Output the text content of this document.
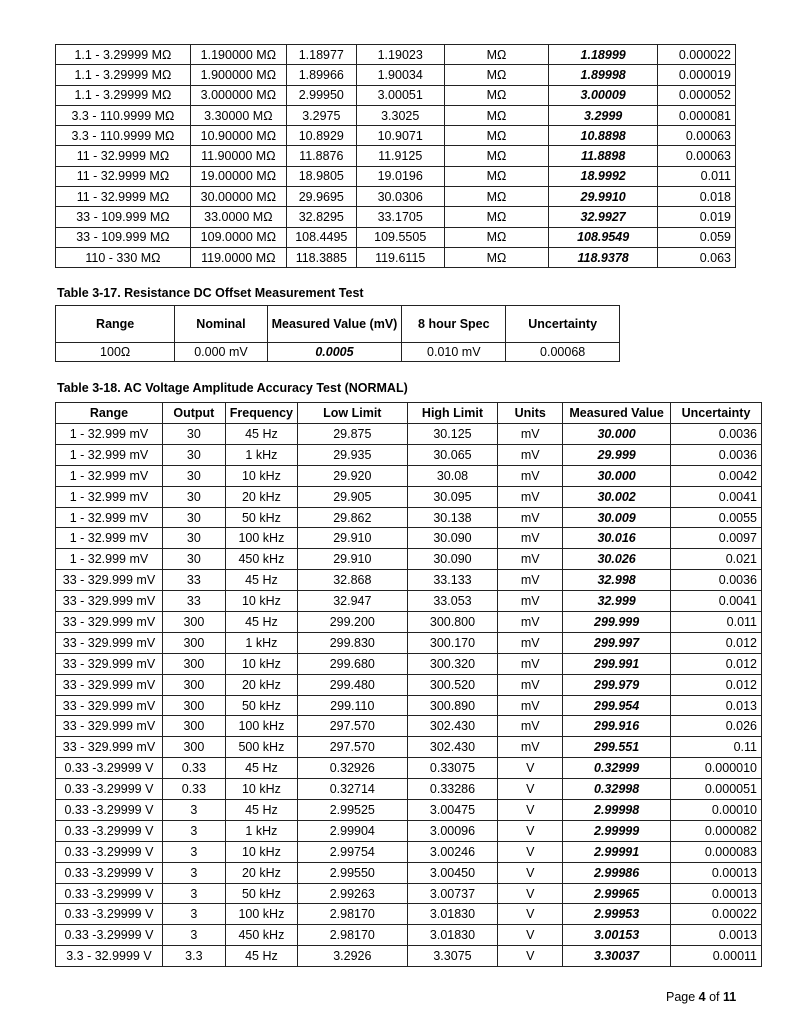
1.1 - 3.29999 MΩ	1.190000 MΩ	1.18977	1.19023	MΩ	1.18999	0.000022
1.1 - 3.29999 MΩ	1.900000 MΩ	1.89966	1.90034	MΩ	1.89998	0.000019
1.1 - 3.29999 MΩ	3.000000 MΩ	2.99950	3.00051	MΩ	3.00009	0.000052
3.3 - 110.9999 MΩ	3.30000 MΩ	3.2975	3.3025	MΩ	3.2999	0.000081
3.3 - 110.9999 MΩ	10.90000 MΩ	10.8929	10.9071	MΩ	10.8898	0.00063
11 - 32.9999 MΩ	11.90000 MΩ	11.8876	11.9125	MΩ	11.8898	0.00063
11 - 32.9999 MΩ	19.00000 MΩ	18.9805	19.0196	MΩ	18.9992	0.011
11 - 32.9999 MΩ	30.00000 MΩ	29.9695	30.0306	MΩ	29.9910	0.018
33 - 109.999 MΩ	33.0000 MΩ	32.8295	33.1705	MΩ	32.9927	0.019
33 - 109.999 MΩ	109.0000 MΩ	108.4495	109.5505	MΩ	108.9549	0.059
110 - 330 MΩ	119.0000 MΩ	118.3885	119.6115	MΩ	118.9378	0.063
Table 3-17. Resistance DC Offset Measurement Test
Range	Nominal	Measured Value (mV)	8 hour Spec	Uncertainty
100Ω	0.000 mV	0.0005	0.010 mV	0.00068
Table 3-18. AC Voltage Amplitude Accuracy Test (NORMAL)
Range	Output	Frequency	Low Limit	High Limit	Units	Measured Value	Uncertainty
1 - 32.999 mV	30	45 Hz	29.875	30.125	mV	30.000	0.0036
1 - 32.999 mV	30	1 kHz	29.935	30.065	mV	29.999	0.0036
1 - 32.999 mV	30	10 kHz	29.920	30.08	mV	30.000	0.0042
1 - 32.999 mV	30	20 kHz	29.905	30.095	mV	30.002	0.0041
1 - 32.999 mV	30	50 kHz	29.862	30.138	mV	30.009	0.0055
1 - 32.999 mV	30	100 kHz	29.910	30.090	mV	30.016	0.0097
1 - 32.999 mV	30	450 kHz	29.910	30.090	mV	30.026	0.021
33 - 329.999 mV	33	45 Hz	32.868	33.133	mV	32.998	0.0036
33 - 329.999 mV	33	10 kHz	32.947	33.053	mV	32.999	0.0041
33 - 329.999 mV	300	45 Hz	299.200	300.800	mV	299.999	0.011
33 - 329.999 mV	300	1 kHz	299.830	300.170	mV	299.997	0.012
33 - 329.999 mV	300	10 kHz	299.680	300.320	mV	299.991	0.012
33 - 329.999 mV	300	20 kHz	299.480	300.520	mV	299.979	0.012
33 - 329.999 mV	300	50 kHz	299.110	300.890	mV	299.954	0.013
33 - 329.999 mV	300	100 kHz	297.570	302.430	mV	299.916	0.026
33 - 329.999 mV	300	500 kHz	297.570	302.430	mV	299.551	0.11
0.33 -3.29999 V	0.33	45 Hz	0.32926	0.33075	V	0.32999	0.000010
0.33 -3.29999 V	0.33	10 kHz	0.32714	0.33286	V	0.32998	0.000051
0.33 -3.29999 V	3	45 Hz	2.99525	3.00475	V	2.99998	0.00010
0.33 -3.29999 V	3	1 kHz	2.99904	3.00096	V	2.99999	0.000082
0.33 -3.29999 V	3	10 kHz	2.99754	3.00246	V	2.99991	0.000083
0.33 -3.29999 V	3	20 kHz	2.99550	3.00450	V	2.99986	0.00013
0.33 -3.29999 V	3	50 kHz	2.99263	3.00737	V	2.99965	0.00013
0.33 -3.29999 V	3	100 kHz	2.98170	3.01830	V	2.99953	0.00022
0.33 -3.29999 V	3	450 kHz	2.98170	3.01830	V	3.00153	0.0013
3.3 - 32.9999 V	3.3	45 Hz	3.2926	3.3075	V	3.30037	0.00011
Page 4 of 11
